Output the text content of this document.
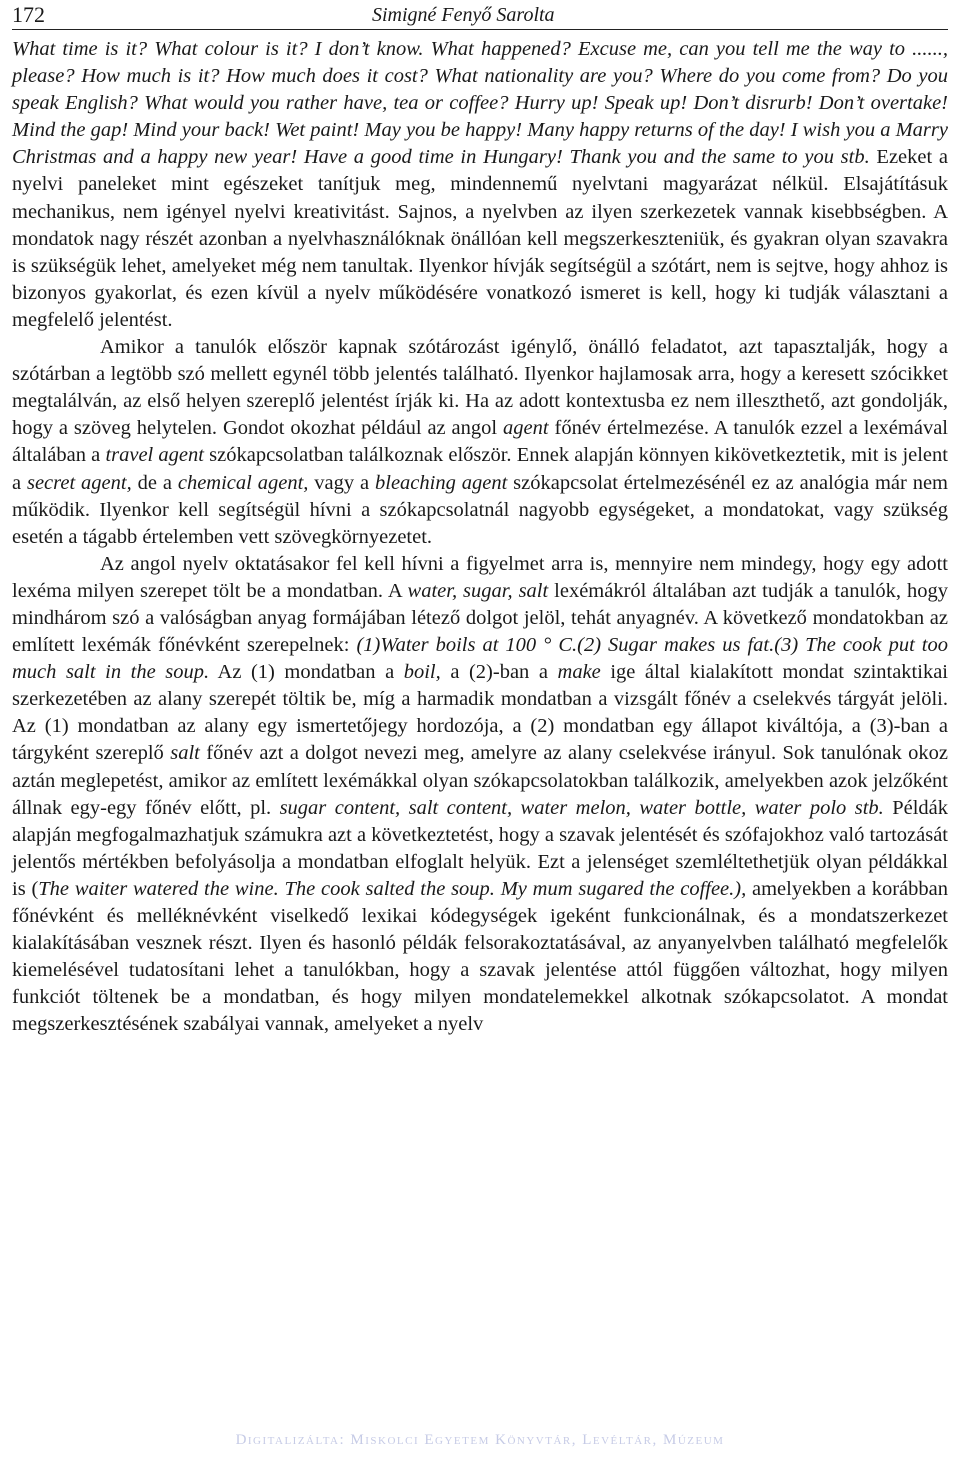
172	Simigné Fenyő Sarolta

What time is it? What colour is it? I don’t know. What happened? Excuse me, can you tell me the way to ......, please? How much is it? How much does it cost? What nationality are you? Where do you come from? Do you speak English? What would you rather have, tea or coffee? Hurry up! Speak up! Don’t disrurb! Don’t overtake! Mind the gap! Mind your back! Wet paint! May you be happy! Many happy returns of the day! I wish you a Marry Christmas and a happy new year! Have a good time in Hungary! Thank you and the same to you stb. Ezeket a nyelvi paneleket mint egészeket tanítjuk meg, mindennemű nyelvtani magyarázat nélkül. Elsajátításuk mechanikus, nem igényel nyelvi kreativitást. Sajnos, a nyelvben az ilyen szerkezetek vannak kisebbségben. A mondatok nagy részét azonban a nyelvhasználóknak önállóan kell megszerkeszteniük, és gyakran olyan szavakra is szükségük lehet, amelyeket még nem tanultak. Ilyenkor hívják segítségül a szótárt, nem is sejtve, hogy ahhoz is bizonyos gyakorlat, és ezen kívül a nyelv működésére vonatkozó ismeret is kell, hogy ki tudják választani a megfelelő jelentést.

Amikor a tanulók először kapnak szótározást igénylő, önálló feladatot, azt tapasztalják, hogy a szótárban a legtöbb szó mellett egynél több jelentés található. Ilyenkor hajlamosak arra, hogy a keresett szócikket megtalálván, az első helyen szereplő jelentést írják ki. Ha az adott kontextusba ez nem illeszthető, azt gondolják, hogy a szöveg helytelen. Gondot okozhat például az angol agent főnév értelmezése. A tanulók ezzel a lexémával általában a travel agent szókapcsolatban találkoznak először. Ennek alapján könnyen kikövetkeztetik, mit is jelent a secret agent, de a chemical agent, vagy a bleaching agent szókapcsolat értelmezésénél ez az analógia már nem működik. Ilyenkor kell segítségül hívni a szókapcsolatnál nagyobb egységeket, a mondatokat, vagy szükség esetén a tágabb értelemben vett szövegkörnyezetet.

Az angol nyelv oktatásakor fel kell hívni a figyelmet arra is, mennyire nem mindegy, hogy egy adott lexéma milyen szerepet tölt be a mondatban. A water, sugar, salt lexémákról általában azt tudják a tanulók, hogy mindhárom szó a valóságban anyag formájában létező dolgot jelöl, tehát anyagnév. A következő mondatokban az említett lexémák főnévként szerepelnek: (1)Water boils at 100 ° C.(2) Sugar makes us fat.(3) The cook put too much salt in the soup. Az (1) mondatban a boil, a (2)-ban a make ige által kialakított mondat szintaktikai szerkezetében az alany szerepét töltik be, míg a harmadik mondatban a vizsgált főnév a cselekvés tárgyát jelöli. Az (1) mondatban az alany egy ismertetőjegy hordozója, a (2) mondatban egy állapot kiváltója, a (3)-ban a tárgyként szereplő salt főnév azt a dolgot nevezi meg, amelyre az alany cselekvése irányul. Sok tanulónak okoz aztán meglepetést, amikor az említett lexémákkal olyan szókapcsolatokban találkozik, amelyekben azok jelzőként állnak egy-egy főnév előtt, pl. sugar content, salt content, water melon, water bottle, water polo stb. Példák alapján megfogalmazhatjuk számukra azt a következtetést, hogy a szavak jelentését és szófajokhoz való tartozását jelentős mértékben befolyásolja a mondatban elfoglalt helyük. Ezt a jelenséget szemléltethetjük olyan példákkal is (The waiter watered the wine. The cook salted the soup. My mum sugared the coffee.), amelyekben a korábban főnévként és melléknévként viselkedő lexikai kódegységek igeként funkcionálnak, és a mondatszerkezet kialakításában vesznek részt. Ilyen és hasonló példák felsorakoztatásával, az anyanyelvben található megfelelők kiemelésével tudatosítani lehet a tanulókban, hogy a szavak jelentése attól függően változhat, hogy milyen funkciót töltenek be a mondatban, és hogy milyen mondatelemekkel alkotnak szókapcsolatot. A mondat megszerkesztésének szabályai vannak, amelyeket a nyelv

Digitalizálta: Miskolci Egyetem Könyvtár, Levéltár, Múzeum
